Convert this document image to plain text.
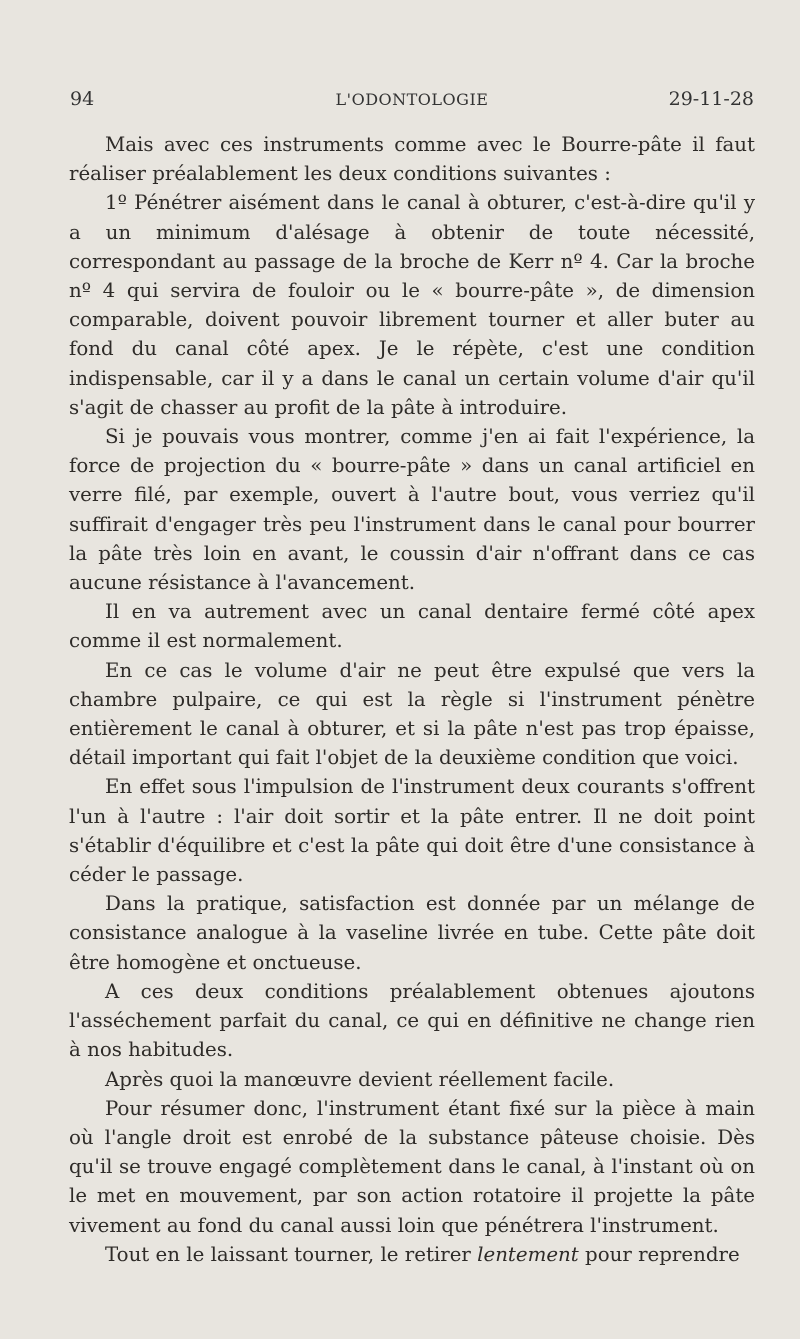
94	L'ODONTOLOGIE	29-11-28

Mais avec ces instruments comme avec le Bourre-pâte il faut réaliser préalablement les deux conditions suivantes :

1º Pénétrer aisément dans le canal à obturer, c'est-à-dire qu'il y a un minimum d'alésage à obtenir de toute nécessité, correspondant au passage de la broche de Kerr nº 4. Car la broche nº 4 qui servira de fouloir ou le « bourre-pâte », de dimension comparable, doivent pouvoir librement tourner et aller buter au fond du canal côté apex. Je le répète, c'est une condition indispensable, car il y a dans le canal un certain volume d'air qu'il s'agit de chasser au profit de la pâte à introduire.

Si je pouvais vous montrer, comme j'en ai fait l'expérience, la force de projection du « bourre-pâte » dans un canal artificiel en verre filé, par exemple, ouvert à l'autre bout, vous verriez qu'il suffirait d'engager très peu l'instrument dans le canal pour bourrer la pâte très loin en avant, le coussin d'air n'offrant dans ce cas aucune résistance à l'avancement.

Il en va autrement avec un canal dentaire fermé côté apex comme il est normalement.

En ce cas le volume d'air ne peut être expulsé que vers la chambre pulpaire, ce qui est la règle si l'instrument pénètre entièrement le canal à obturer, et si la pâte n'est pas trop épaisse, détail important qui fait l'objet de la deuxième condition que voici.

En effet sous l'impulsion de l'instrument deux courants s'offrent l'un à l'autre : l'air doit sortir et la pâte entrer. Il ne doit point s'établir d'équilibre et c'est la pâte qui doit être d'une consistance à céder le passage.

Dans la pratique, satisfaction est donnée par un mélange de consistance analogue à la vaseline livrée en tube. Cette pâte doit être homogène et onctueuse.

A ces deux conditions préalablement obtenues ajoutons l'asséchement parfait du canal, ce qui en définitive ne change rien à nos habitudes.

Après quoi la manœuvre devient réellement facile.

Pour résumer donc, l'instrument étant fixé sur la pièce à main où l'angle droit est enrobé de la substance pâteuse choisie. Dès qu'il se trouve engagé complètement dans le canal, à l'instant où on le met en mouvement, par son action rotatoire il projette la pâte vivement au fond du canal aussi loin que pénétrera l'instrument.

Tout en le laissant tourner, le retirer lentement pour reprendre
